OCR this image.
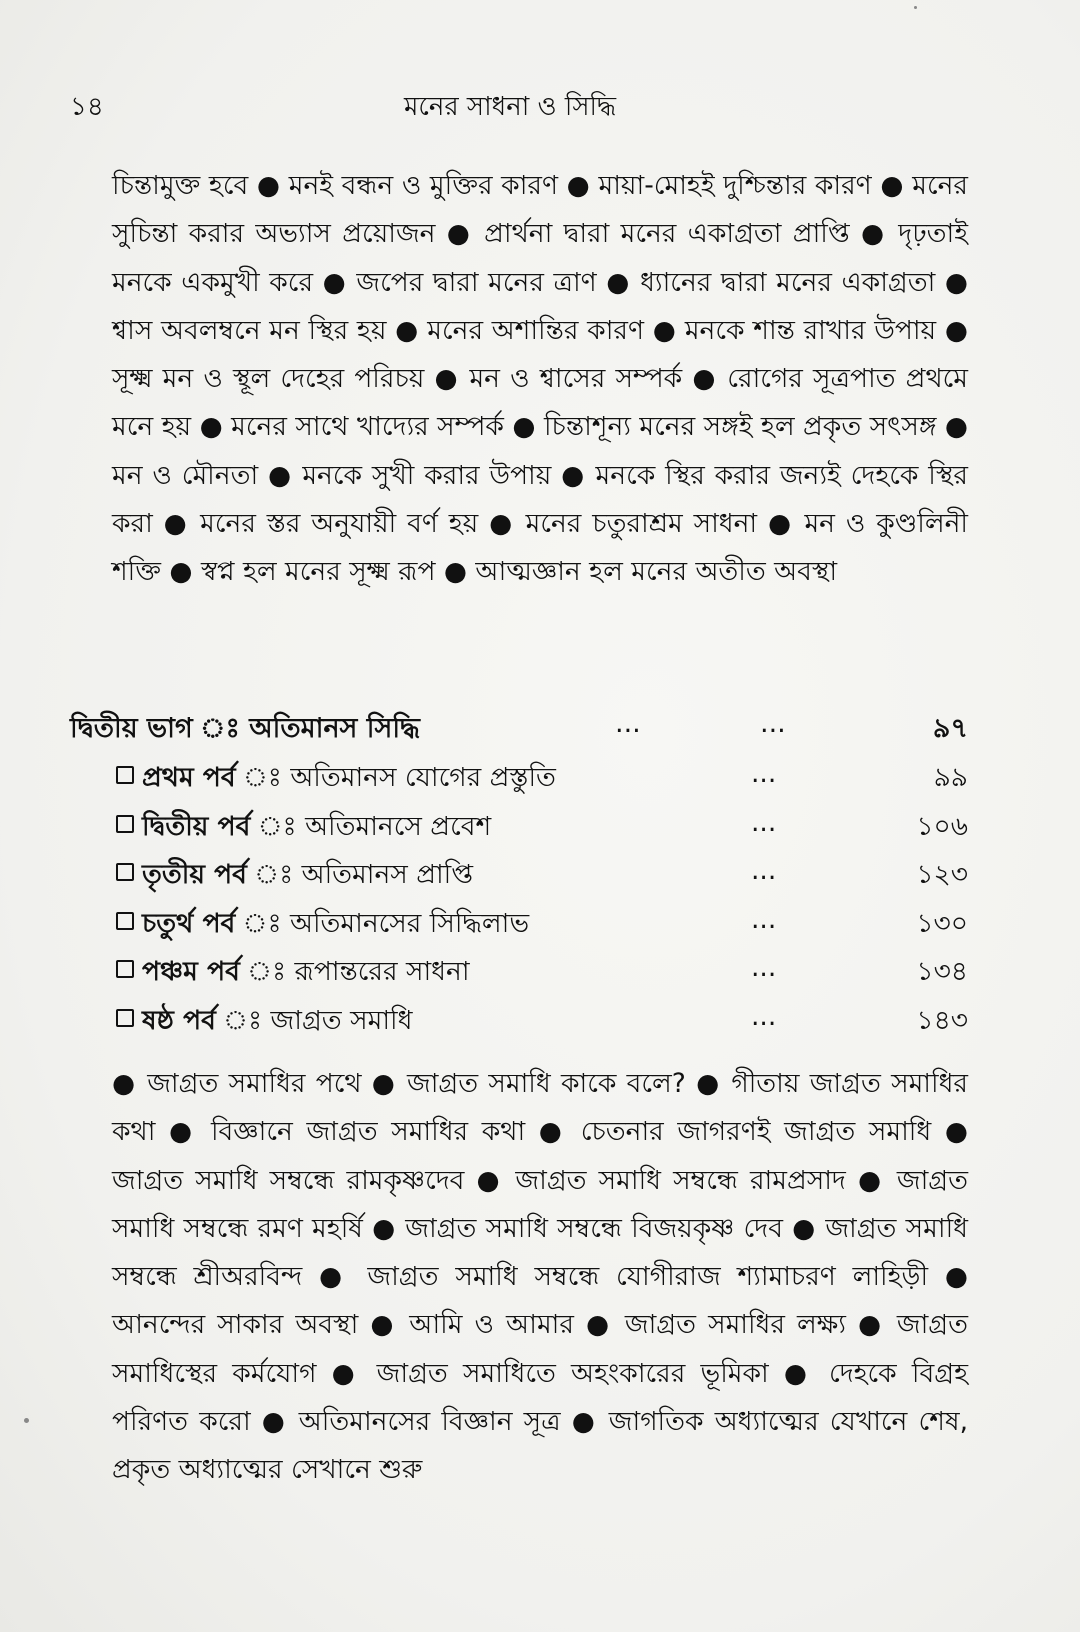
১৪	মনের সাধনা ও সিদ্ধি

চিন্তামুক্ত হবে ● মনই বন্ধন ও মুক্তির কারণ ● মায়া-মোহই দুশ্চিন্তার কারণ ● মনের সুচিন্তা করার অভ্যাস প্রয়োজন ● প্রার্থনা দ্বারা মনের একাগ্রতা প্রাপ্তি ● দৃঢ়তাই মনকে একমুখী করে ● জপের দ্বারা মনের ত্রাণ ● ধ্যানের দ্বারা মনের একাগ্রতা ● শ্বাস অবলম্বনে মন স্থির হয় ● মনের অশান্তির কারণ ● মনকে শান্ত রাখার উপায় ● সূক্ষ্ম মন ও স্থূল দেহের পরিচয় ● মন ও শ্বাসের সম্পর্ক ● রোগের সূত্রপাত প্রথমে মনে হয় ● মনের সাথে খাদ্যের সম্পর্ক ● চিন্তাশূন্য মনের সঙ্গই হল প্রকৃত সৎসঙ্গ ● মন ও মৌনতা ● মনকে সুখী করার উপায় ● মনকে স্থির করার জন্যই দেহকে স্থির করা ● মনের স্তর অনুযায়ী বর্ণ হয় ● মনের চতুরাশ্রম সাধনা ● মন ও কুণ্ডলিনী শক্তি ● স্বপ্ন হল মনের সূক্ষ্ম রূপ ● আত্মজ্ঞান হল মনের অতীত অবস্থা

দ্বিতীয় ভাগ ঃ অতিমানস সিদ্ধি	...	...	৯৭
প্রথম পর্ব ঃ অতিমানস যোগের প্রস্তুতি	...	৯৯
দ্বিতীয় পর্ব ঃ অতিমানসে প্রবেশ	...	১০৬
তৃতীয় পর্ব ঃ অতিমানস প্রাপ্তি	...	১২৩
চতুর্থ পর্ব ঃ অতিমানসের সিদ্ধিলাভ	...	১৩০
পঞ্চম পর্ব ঃ রূপান্তরের সাধনা	...	১৩৪
ষষ্ঠ পর্ব ঃ জাগ্রত সমাধি	...	১৪৩

● জাগ্রত সমাধির পথে ● জাগ্রত সমাধি কাকে বলে? ● গীতায় জাগ্রত সমাধির কথা ● বিজ্ঞানে জাগ্রত সমাধির কথা ● চেতনার জাগরণই জাগ্রত সমাধি ● জাগ্রত সমাধি সম্বন্ধে রামকৃষ্ণদেব ● জাগ্রত সমাধি সম্বন্ধে রামপ্রসাদ ● জাগ্রত সমাধি সম্বন্ধে রমণ মহর্ষি ● জাগ্রত সমাধি সম্বন্ধে বিজয়কৃষ্ণ দেব ● জাগ্রত সমাধি সম্বন্ধে শ্রীঅরবিন্দ ● জাগ্রত সমাধি সম্বন্ধে যোগীরাজ শ্যামাচরণ লাহিড়ী ● আনন্দের সাকার অবস্থা ● আমি ও আমার ● জাগ্রত সমাধির লক্ষ্য ● জাগ্রত সমাধিস্থের কর্মযোগ ● জাগ্রত সমাধিতে অহংকারের ভূমিকা ● দেহকে বিগ্রহ পরিণত করো ● অতিমানসের বিজ্ঞান সূত্র ● জাগতিক অধ্যাত্মের যেখানে শেষ, প্রকৃত অধ্যাত্মের সেখানে শুরু
